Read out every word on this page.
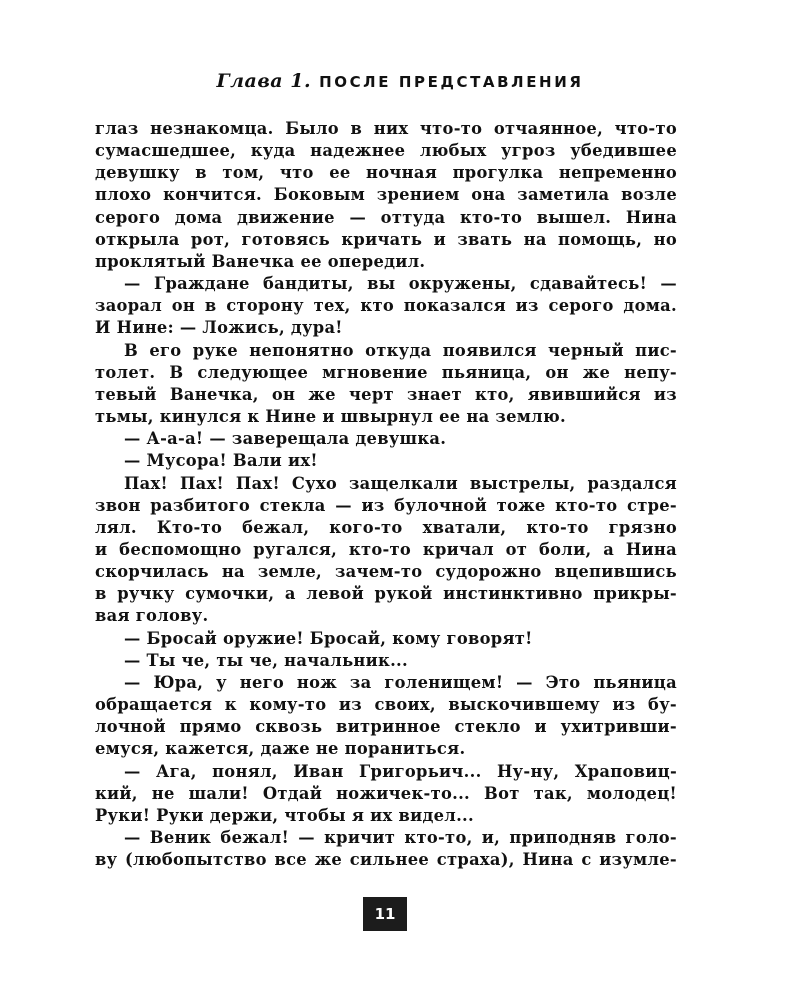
Глава 1. ПОСЛЕ ПРЕДСТАВЛЕНИЯ

глаз незнакомца. Было в них что-то отчаянное, что-то

сумасшедшее, куда надежнее любых угроз убедившее

девушку в том, что ее ночная прогулка непременно

плохо кончится. Боковым зрением она заметила возле

серого дома движение — оттуда кто-то вышел. Нина

открыла рот, готовясь кричать и звать на помощь, но

проклятый Ванечка ее опередил.

— Граждане бандиты, вы окружены, сдавайтесь! —

заорал он в сторону тех, кто показался из серого дома.

И Нине: — Ложись, дура!

В его руке непонятно откуда появился черный пис-

толет. В следующее мгновение пьяница, он же непу-

тевый Ванечка, он же черт знает кто, явившийся из

тьмы, кинулся к Нине и швырнул ее на землю.

— А-а-а! — заверещала девушка.

— Мусора! Вали их!

Пах! Пах! Пах! Сухо защелкали выстрелы, раздался

звон разбитого стекла — из булочной тоже кто-то стре-

лял. Кто-то бежал, кого-то хватали, кто-то грязно

и беспомощно ругался, кто-то кричал от боли, а Нина

скорчилась на земле, зачем-то судорожно вцепившись

в ручку сумочки, а левой рукой инстинктивно прикры-

вая голову.

— Бросай оружие! Бросай, кому говорят!

— Ты че, ты че, начальник...

— Юра, у него нож за голенищем! — Это пьяница

обращается к кому-то из своих, выскочившему из бу-

лочной прямо сквозь витринное стекло и ухитривши-

емуся, кажется, даже не пораниться.

— Ага, понял, Иван Григорьич... Ну-ну, Храповиц-

кий, не шали! Отдай ножичек-то... Вот так, молодец!

Руки! Руки держи, чтобы я их видел...

— Веник бежал! — кричит кто-то, и, приподняв голо-

ву (любопытство все же сильнее страха), Нина с изумле-

11
